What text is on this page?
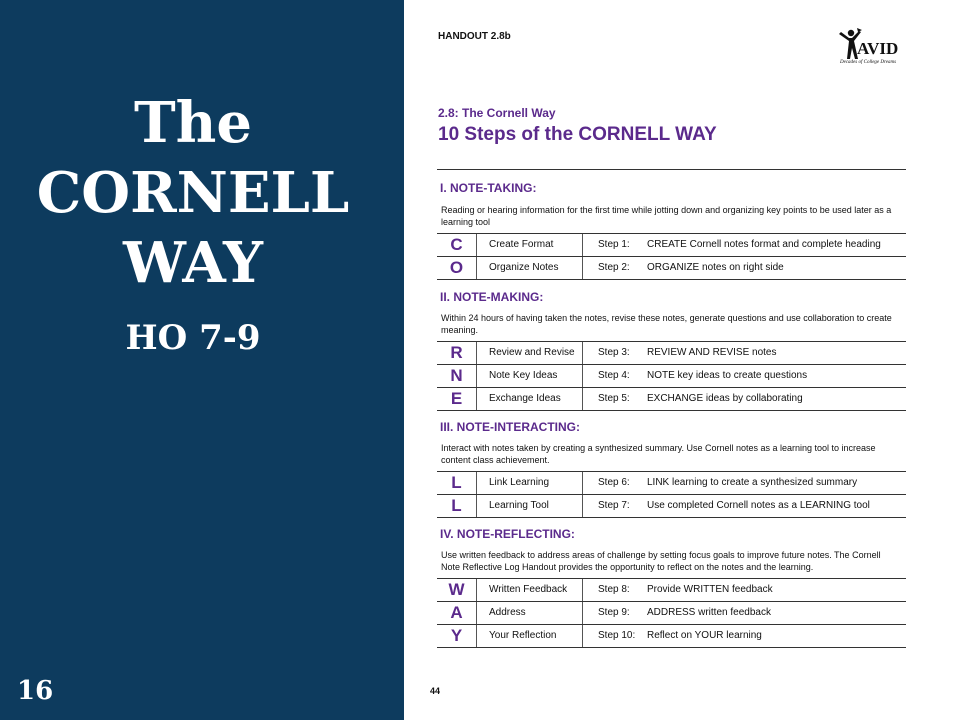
The
CORNELL
WAY
HO 7-9
16
HANDOUT 2.8b
AVID
Decades of College Dreams
2.8: The Cornell Way
10 Steps of the CORNELL WAY
I. NOTE-TAKING:
Reading or hearing information for the first time while jotting down and organizing key points to be used later as a learning tool
C	Create Format	Step 1: CREATE Cornell notes format and complete heading
O	Organize Notes	Step 2: ORGANIZE notes on right side
II. NOTE-MAKING:
Within 24 hours of having taken the notes, revise these notes, generate questions and use collaboration to create meaning.
R	Review and Revise Step 3: REVIEW AND REVISE notes
N	Note Key Ideas	Step 4: NOTE key ideas to create questions
E	Exchange Ideas	Step 5: EXCHANGE ideas by collaborating
III. NOTE-INTERACTING:
Interact with notes taken by creating a synthesized summary. Use Cornell notes as a learning tool to increase content class achievement.
L	Link Learning	Step 6: LINK learning to create a synthesized summary
L	Learning Tool	Step 7: Use completed Cornell notes as a LEARNING tool
IV. NOTE-REFLECTING:
Use written feedback to address areas of challenge by setting focus goals to improve future notes. The Cornell Note Reflective Log Handout provides the opportunity to reflect on the notes and the learning.
W	Written Feedback	Step 8: Provide WRITTEN feedback
A	Address	Step 9: ADDRESS written feedback
Y	Your Reflection	Step 10: Reflect on YOUR learning
44
